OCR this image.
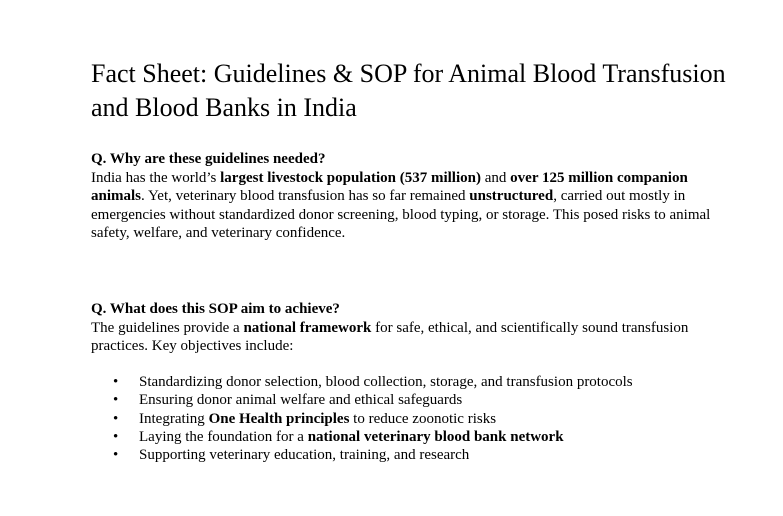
Fact Sheet: Guidelines & SOP for Animal Blood Transfusion and Blood Banks in India

Q. Why are these guidelines needed?

India has the world’s largest livestock population (537 million) and over 125 million companion animals. Yet, veterinary blood transfusion has so far remained unstructured, carried out mostly in emergencies without standardized donor screening, blood typing, or storage. This posed risks to animal safety, welfare, and veterinary confidence.

Q. What does this SOP aim to achieve?

The guidelines provide a national framework for safe, ethical, and scientifically sound transfusion practices. Key objectives include:

• Standardizing donor selection, blood collection, storage, and transfusion protocols
• Ensuring donor animal welfare and ethical safeguards
• Integrating One Health principles to reduce zoonotic risks
• Laying the foundation for a national veterinary blood bank network
• Supporting veterinary education, training, and research
